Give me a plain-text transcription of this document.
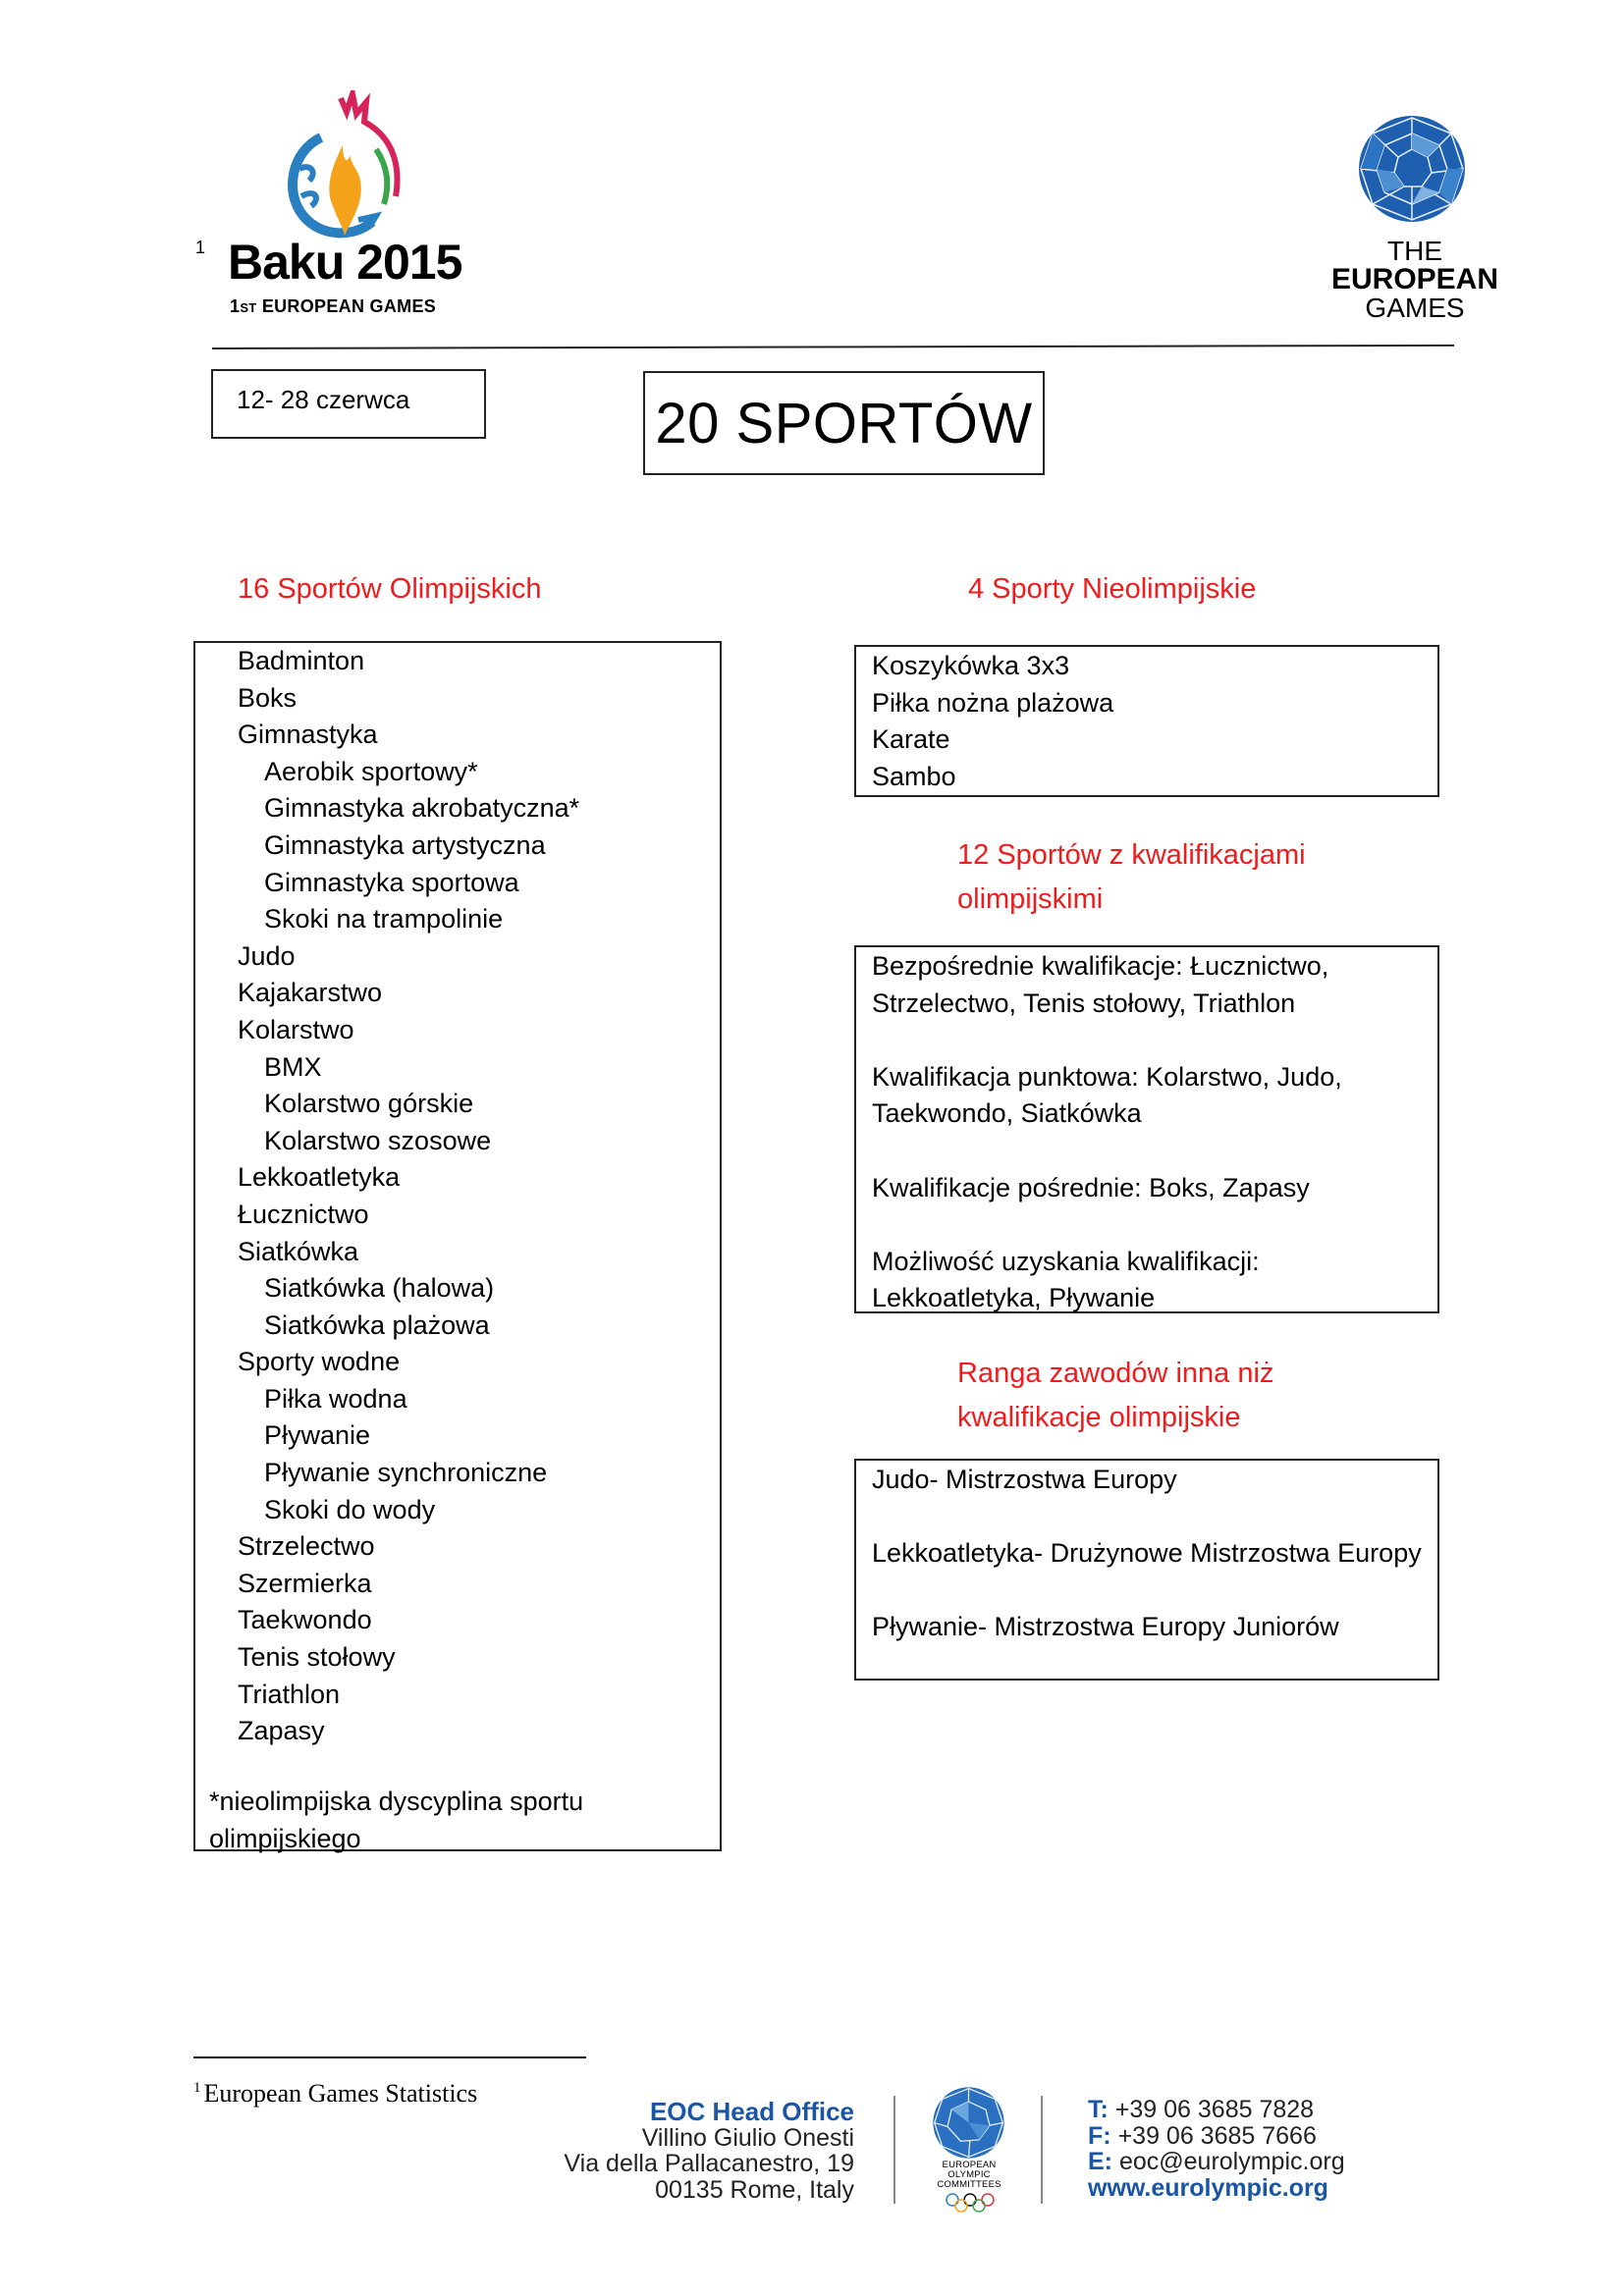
1 Baku 2015
1ST EUROPEAN GAMES
THE
EUROPEAN
GAMES
12- 28 czerwca	20 SPORTÓW
16 Sportów Olimpijskich
Badminton
Boks
Gimnastyka
Aerobik sportowy*
Gimnastyka akrobatyczna*
Gimnastyka artystyczna
Gimnastyka sportowa
Skoki na trampolinie
Judo
Kajakarstwo
Kolarstwo
BMX
Kolarstwo górskie
Kolarstwo szosowe
Lekkoatletyka
Łucznictwo
Siatkówka
Siatkówka (halowa)
Siatkówka plażowa
Sporty wodne
Piłka wodna
Pływanie
Pływanie synchroniczne
Skoki do wody
Strzelectwo
Szermierka
Taekwondo
Tenis stołowy
Triathlon
Zapasy
*nieolimpijska dyscyplina sportu
olimpijskiego
4 Sporty Nieolimpijskie
Koszykówka 3x3
Piłka nożna plażowa
Karate
Sambo
12 Sportów z kwalifikacjami
olimpijskimi

Bezpośrednie kwalifikacje: Łucznictwo, Strzelectwo, Tenis stołowy, Triathlon

Kwalifikacja punktowa: Kolarstwo, Judo, Taekwondo, Siatkówka

Kwalifikacje pośrednie: Boks, Zapasy

Możliwość uzyskania kwalifikacji: Lekkoatletyka, Pływanie

Ranga zawodów inna niż
kwalifikacje olimpijskie

Judo- Mistrzostwa Europy

Lekkoatletyka- Drużynowe Mistrzostwa Europy

Pływanie- Mistrzostwa Europy Juniorów

$^1$ European Games Statistics
EOC Head Office
Villino Giulio Onesti
Via della Pallacanestro, 19
00135 Rome, Italy
EUROPEAN
OLYMPIC
COMMITTEES
T: +39 06 3685 7828
F: +39 06 3685 7666
E: eoc@eurolympic.org
www.eurolympic.org
